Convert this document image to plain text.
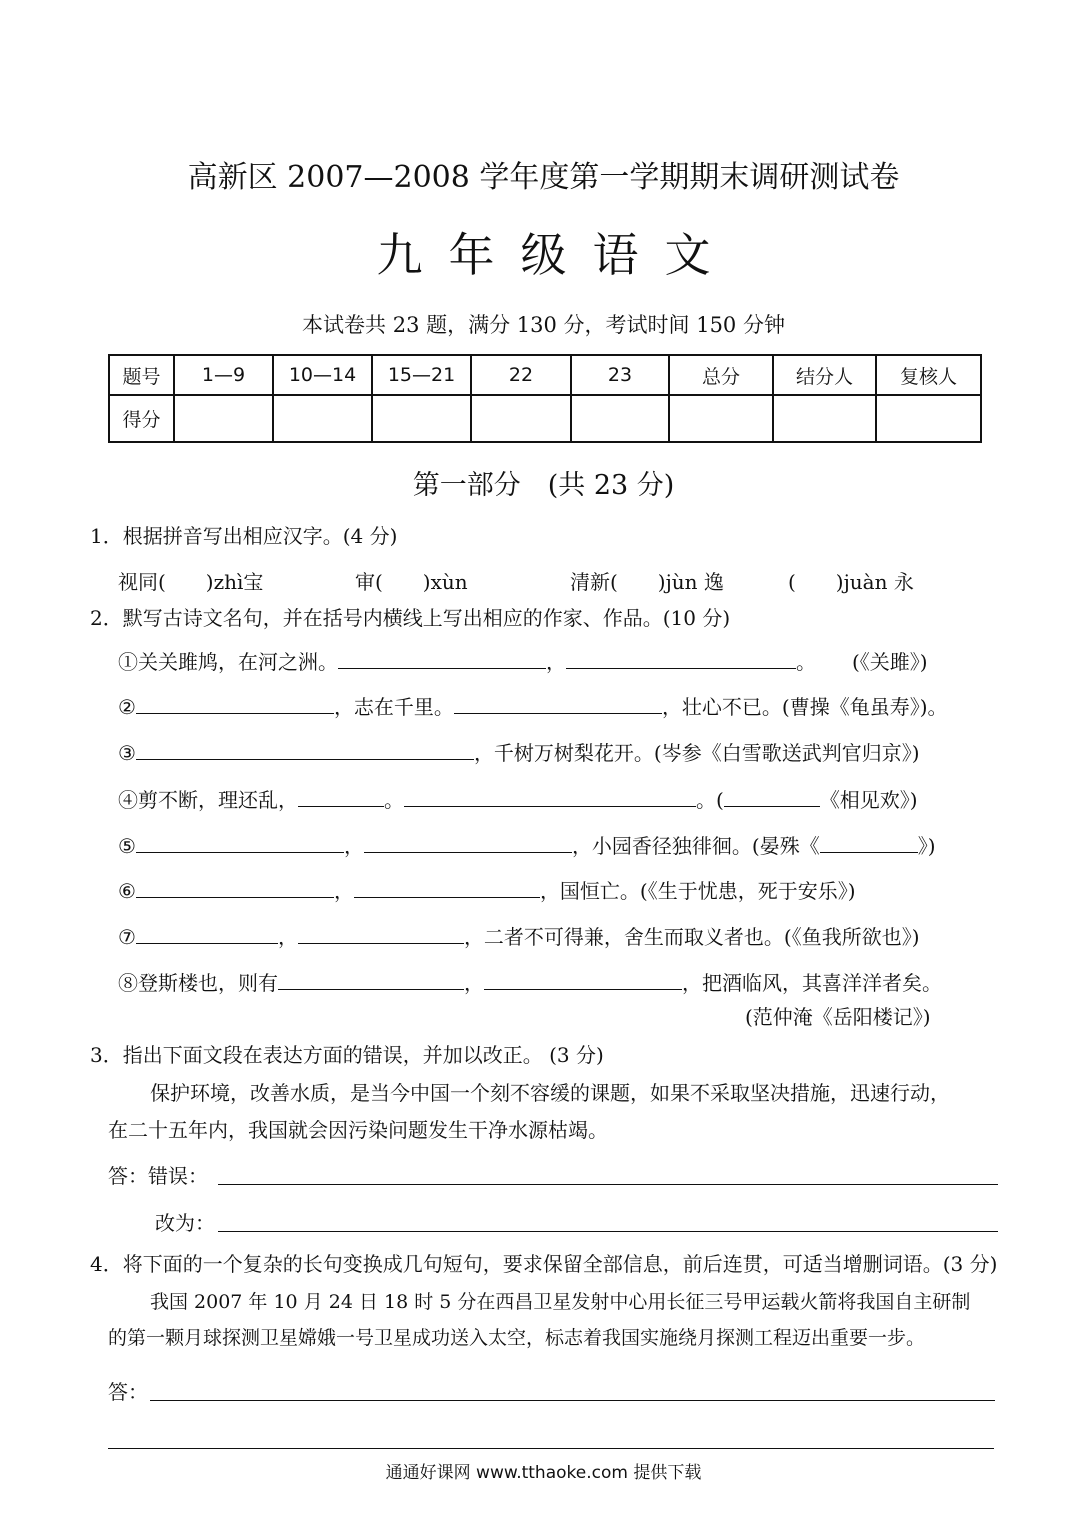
高新区 2007—2008 学年度第一学期期末调研测试卷
九年级语文
本试卷共 23 题，满分 130 分，考试时间 150 分钟
题号	1—9	10—14	15—21	22	23	总分	结分人	复核人
得分								
第一部分　(共 23 分)
1．根据拼音写出相应汉字。(4 分)
视同(　　)zhì宝	审(　　)xùn	清新(　　)jùn 逸	(　　)juàn 永
2．默写古诗文名句，并在括号内横线上写出相应的作家、作品。(10 分)
①关关雎鸠，在河之洲。	，	。 (《关雎》)
②	，志在千里。	，壮心不已。(曹操《龟虽寿》)。
③	，千树万树梨花开。(岑参《白雪歌送武判官归京》)
④剪不断，理还乱，	。	。(	《相见欢》)
⑤	，	，小园香径独徘徊。(晏殊《	》)
⑥	，	，国恒亡。(《生于忧患，死于安乐》)
⑦	，	，二者不可得兼，舍生而取义者也。(《鱼我所欲也》)
⑧登斯楼也，则有	，	，把酒临风，其喜洋洋者矣。
(范仲淹《岳阳楼记》)
3．指出下面文段在表达方面的错误，并加以改正。 (3 分)
保护环境，改善水质，是当今中国一个刻不容缓的课题，如果不采取坚决措施，迅速行动，
在二十五年内，我国就会因污染问题发生干净水源枯竭。
答：错误：
改为：
4．将下面的一个复杂的长句变换成几句短句，要求保留全部信息，前后连贯，可适当增删词语。(3 分)
我国 2007 年 10 月 24 日 18 时 5 分在西昌卫星发射中心用长征三号甲运载火箭将我国自主研制
的第一颗月球探测卫星嫦娥一号卫星成功送入太空，标志着我国实施绕月探测工程迈出重要一步。
答：
通通好课网 www.tthaoke.com 提供下载
